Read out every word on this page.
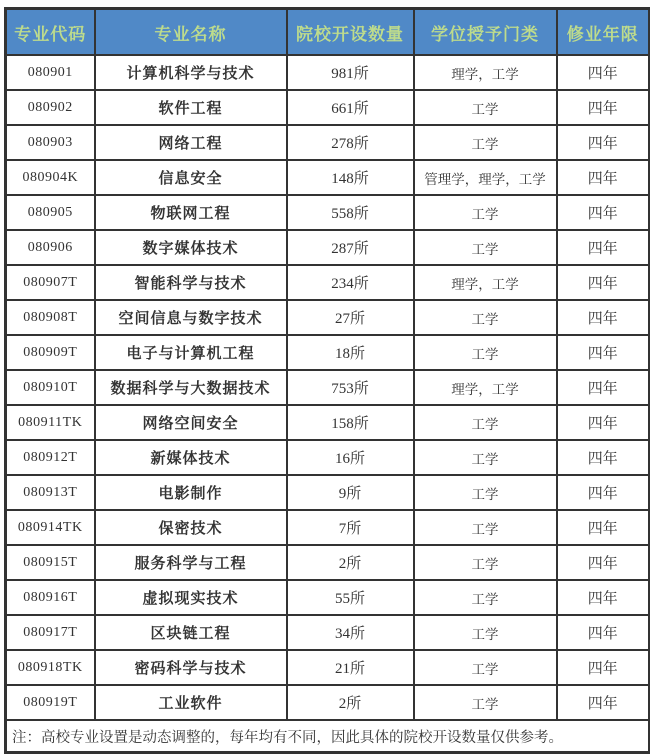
专业代码	专业名称	院校开设数量	学位授予门类	修业年限
080901	计算机科学与技术	981所	理学，工学	四年
080902	软件工程	661所	工学	四年
080903	网络工程	278所	工学	四年
080904K	信息安全	148所	管理学，理学，工学	四年
080905	物联网工程	558所	工学	四年
080906	数字媒体技术	287所	工学	四年
080907T	智能科学与技术	234所	理学，工学	四年
080908T	空间信息与数字技术	27所	工学	四年
080909T	电子与计算机工程	18所	工学	四年
080910T	数据科学与大数据技术	753所	理学，工学	四年
080911TK	网络空间安全	158所	工学	四年
080912T	新媒体技术	16所	工学	四年
080913T	电影制作	9所	工学	四年
080914TK	保密技术	7所	工学	四年
080915T	服务科学与工程	2所	工学	四年
080916T	虚拟现实技术	55所	工学	四年
080917T	区块链工程	34所	工学	四年
080918TK	密码科学与技术	21所	工学	四年
080919T	工业软件	2所	工学	四年
注：高校专业设置是动态调整的，每年均有不同，因此具体的院校开设数量仅供参考。				
